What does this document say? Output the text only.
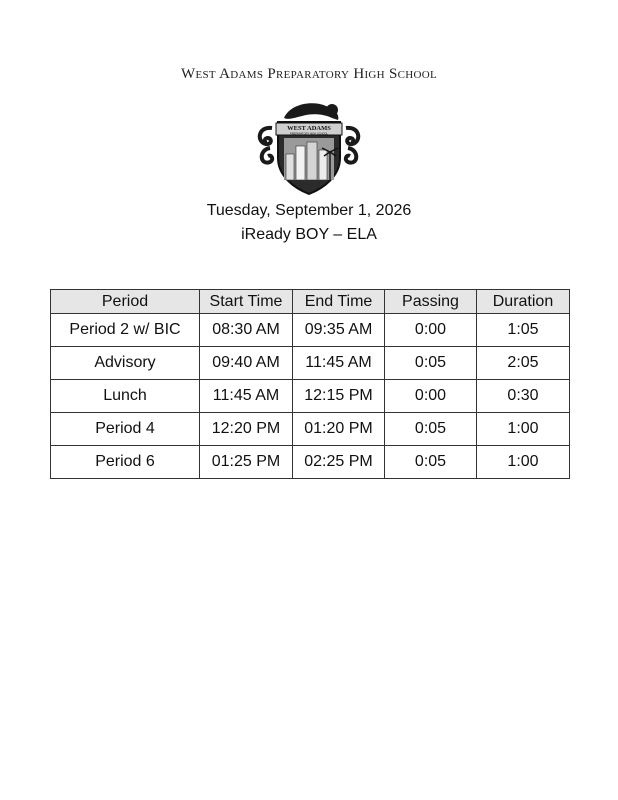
West Adams Preparatory High School
WEST ADAMS
PREPARATORY HIGH SCHOOL
Tuesday, September 1, 2026
iReady BOY – ELA
Period	Start Time	End Time	Passing	Duration
Period 2 w/ BIC	08:30 AM	09:35 AM	0:00	1:05
Advisory	09:40 AM	11:45 AM	0:05	2:05
Lunch	11:45 AM	12:15 PM	0:00	0:30
Period 4	12:20 PM	01:20 PM	0:05	1:00
Period 6	01:25 PM	02:25 PM	0:05	1:00
